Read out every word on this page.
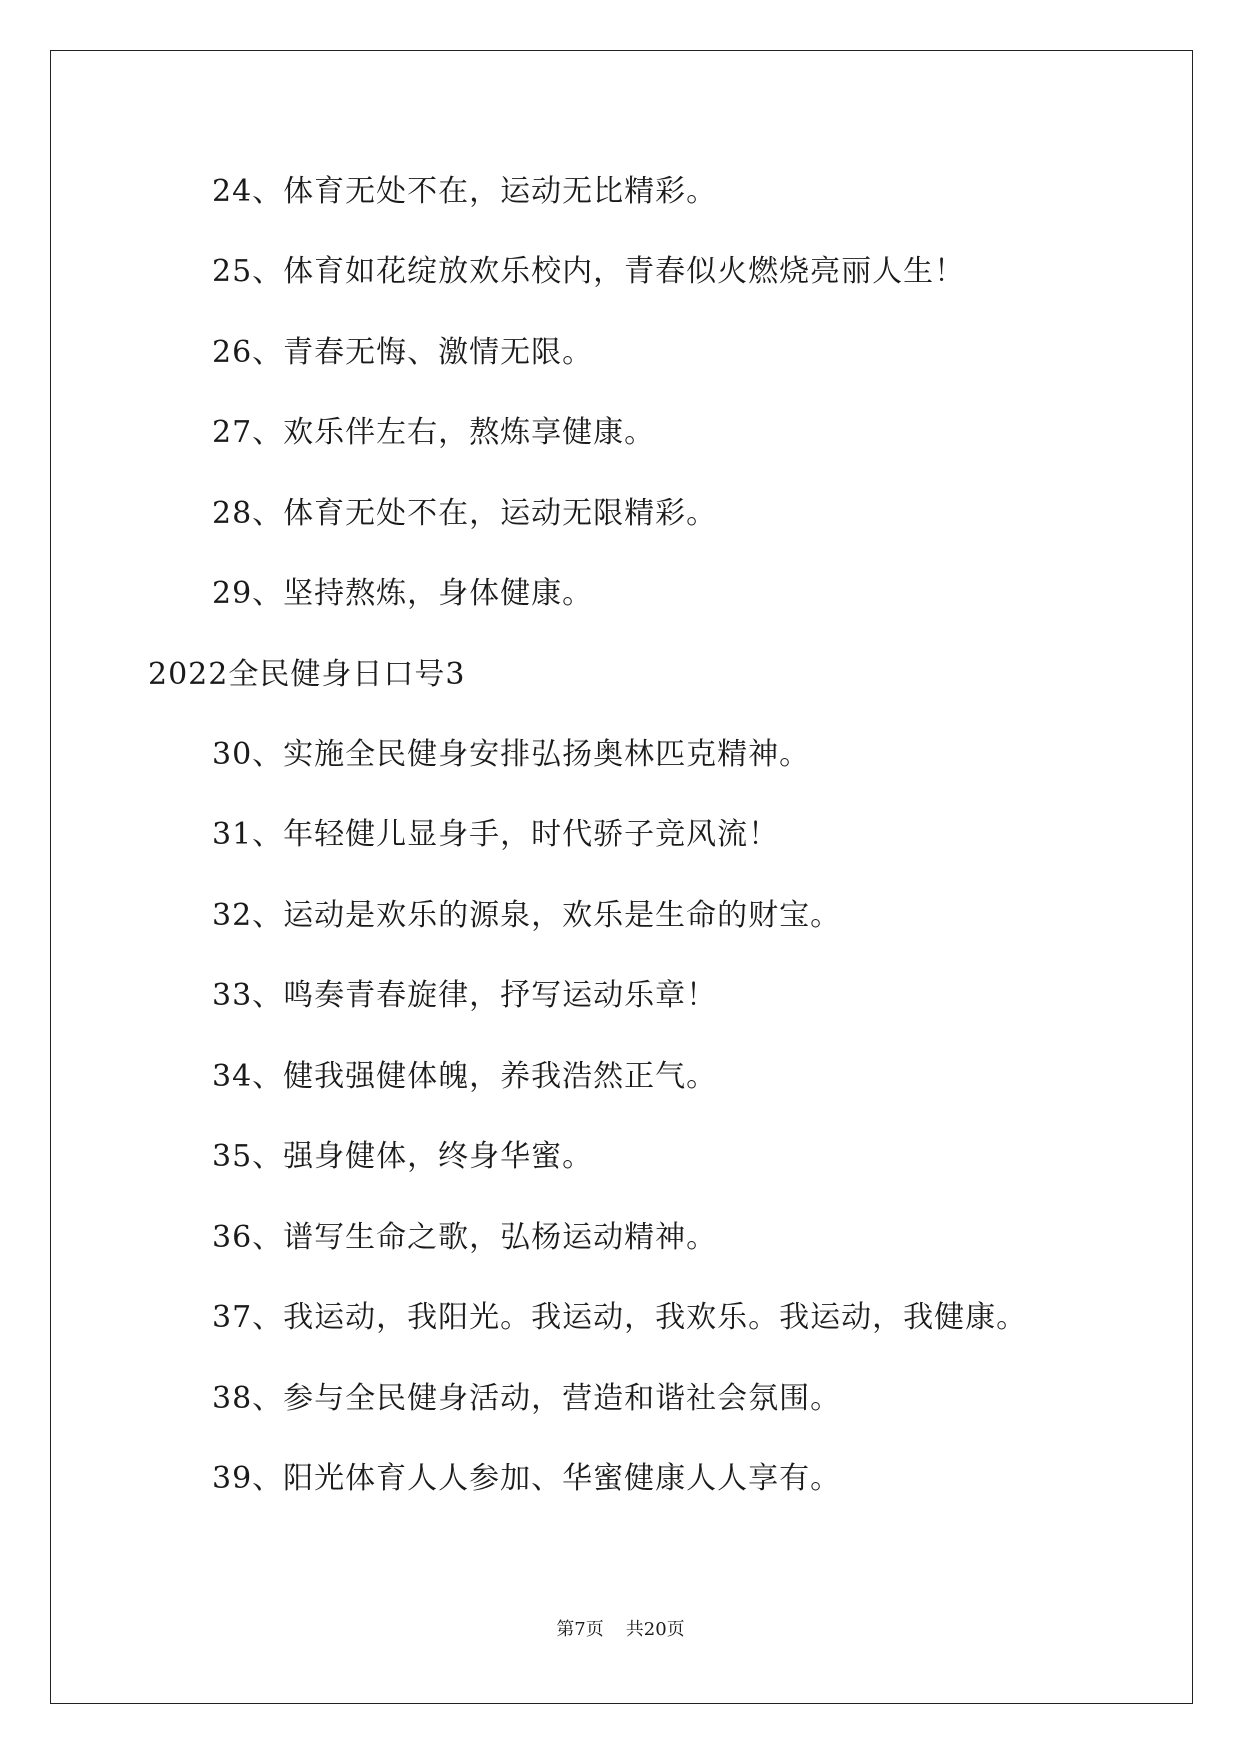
24、体育无处不在，运动无比精彩。
25、体育如花绽放欢乐校内，青春似火燃烧亮丽人生！
26、青春无悔、激情无限。
27、欢乐伴左右，熬炼享健康。
28、体育无处不在，运动无限精彩。
29、坚持熬炼，身体健康。
2022全民健身日口号3
30、实施全民健身安排弘扬奥林匹克精神。
31、年轻健儿显身手，时代骄子竞风流！
32、运动是欢乐的源泉，欢乐是生命的财宝。
33、鸣奏青春旋律，抒写运动乐章！
34、健我强健体魄，养我浩然正气。
35、强身健体，终身华蜜。
36、谱写生命之歌，弘杨运动精神。
37、我运动，我阳光。我运动，我欢乐。我运动，我健康。
38、参与全民健身活动，营造和谐社会氛围。
39、阳光体育人人参加、华蜜健康人人享有。
第7页 共20页
